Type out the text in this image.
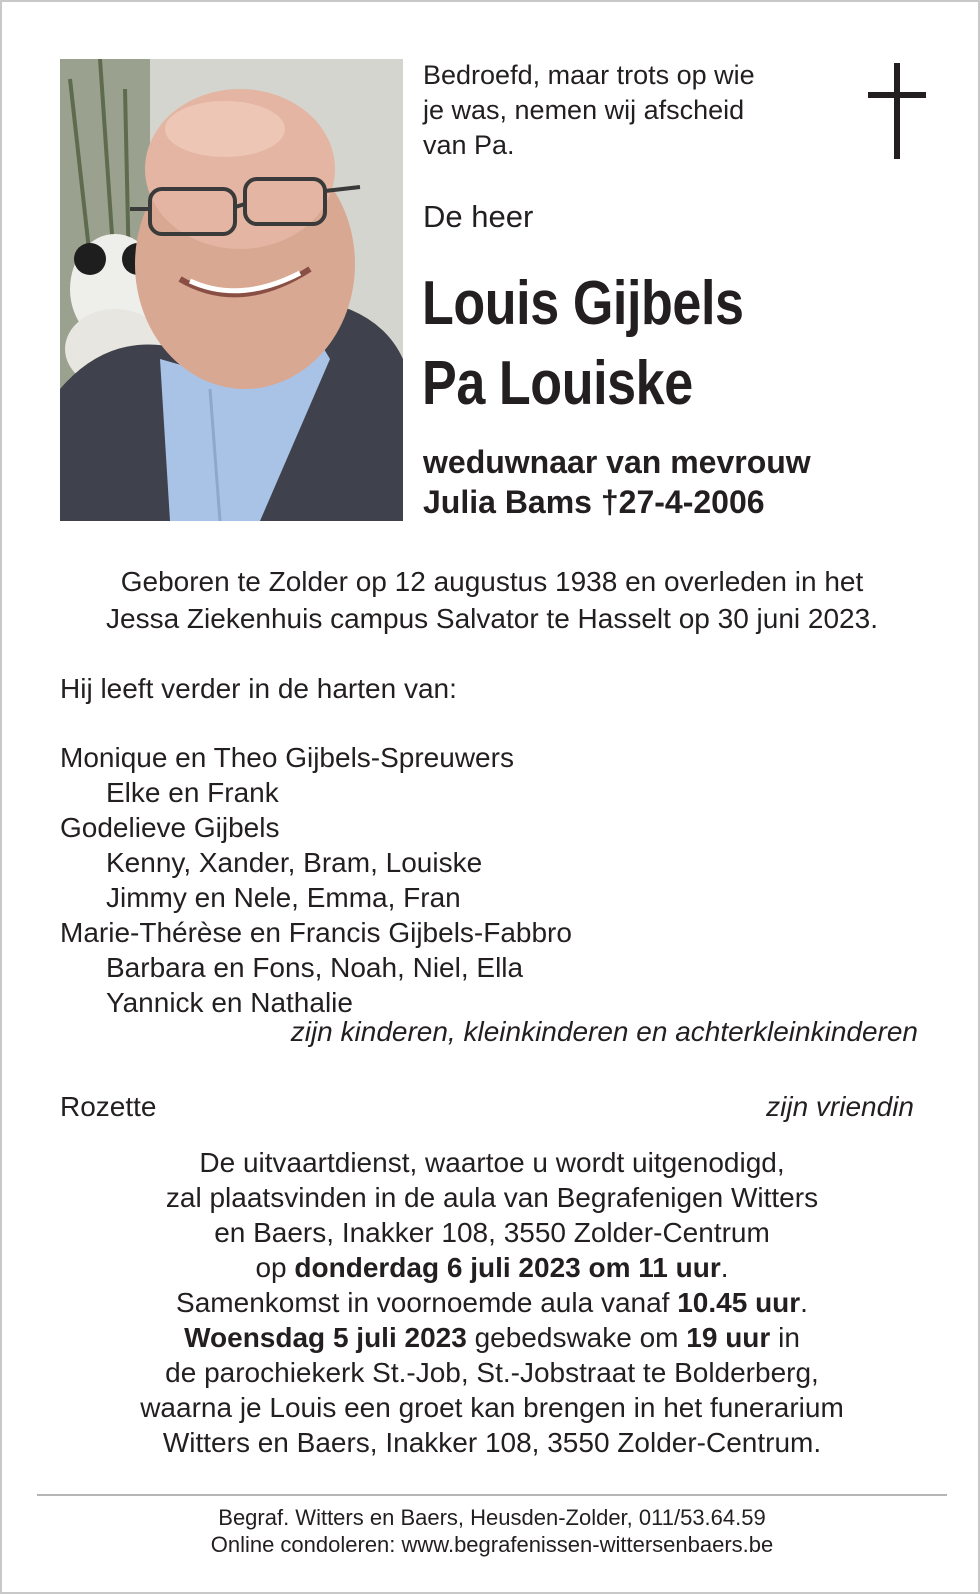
Bedroefd, maar trots op wie
je was, nemen wij afscheid
van Pa.

De heer

Louis Gijbels
Pa Louiske
weduwnaar van mevrouw
Julia Bams †27-4-2006
Geboren te Zolder op 12 augustus 1938 en overleden in het
Jessa Ziekenhuis campus Salvator te Hasselt op 30 juni 2023.

Hij leeft verder in de harten van:

Monique en Theo Gijbels-Spreuwers
Elke en Frank
Godelieve Gijbels
Kenny, Xander, Bram, Louiske
Jimmy en Nele, Emma, Fran
Marie-Thérèse en Francis Gijbels-Fabbro
Barbara en Fons, Noah, Niel, Ella
Yannick en Nathalie

zijn kinderen, kleinkinderen en achterkleinkinderen

Rozette	zijn vriendin

De uitvaartdienst, waartoe u wordt uitgenodigd,

zal plaatsvinden in de aula van Begrafenigen Witters

en Baers, Inakker 108, 3550 Zolder-Centrum

op donderdag 6 juli 2023 om 11 uur.

Samenkomst in voornoemde aula vanaf 10.45 uur.

Woensdag 5 juli 2023 gebedswake om 19 uur in

de parochiekerk St.-Job, St.-Jobstraat te Bolderberg,

waarna je Louis een groet kan brengen in het funerarium

Witters en Baers, Inakker 108, 3550 Zolder-Centrum.

Begraf. Witters en Baers, Heusden-Zolder, 011/53.64.59

Online condoleren: www.begrafenissen-wittersenbaers.be
